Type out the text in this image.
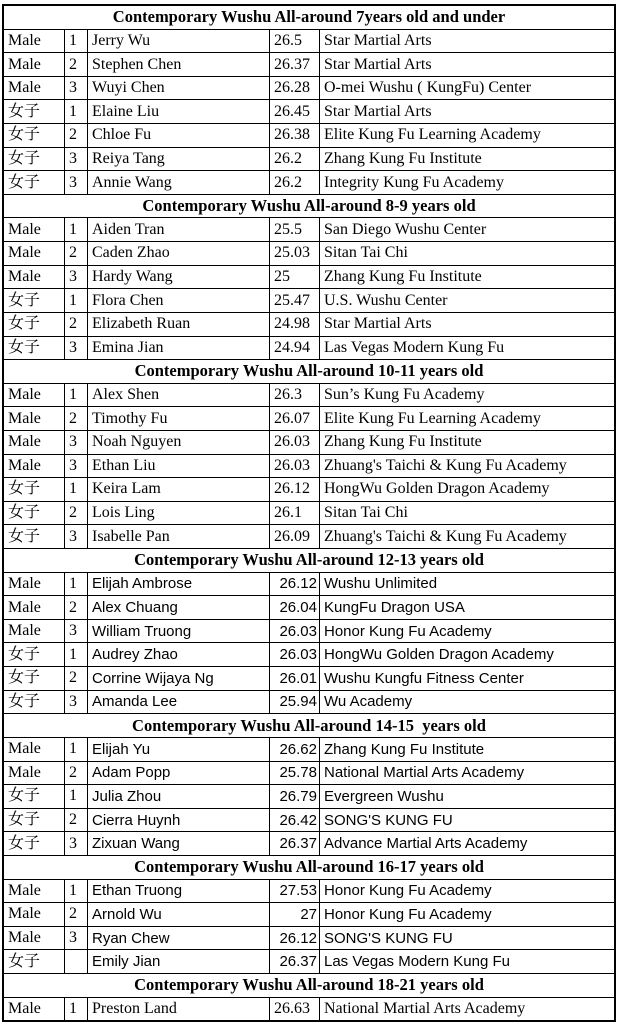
Contemporary Wushu All-around 7years old and under
Male	1 Jerry Wu	26.5	Star Martial Arts
Male	2 Stephen Chen	26.37 Star Martial Arts
Male	3 Wuyi Chen	26.28 O-mei Wushu ( KungFu) Center
女子	1 Elaine Liu	26.45 Star Martial Arts
女子	2 Chloe Fu	26.38 Elite Kung Fu Learning Academy
女子	3 Reiya Tang	26.2	Zhang Kung Fu Institute
女子	3 Annie Wang	26.2	Integrity Kung Fu Academy
Contemporary Wushu All-around 8-9 years old
Male	1 Aiden Tran	25.5	San Diego Wushu Center
Male	2 Caden Zhao	25.03 Sitan Tai Chi
Male	3 Hardy Wang	25	Zhang Kung Fu Institute
女子	1 Flora Chen	25.47 U.S. Wushu Center
女子	2 Elizabeth Ruan	24.98 Star Martial Arts
女子	3 Emina Jian	24.94 Las Vegas Modern Kung Fu
Contemporary Wushu All-around 10-11 years old
Male	1 Alex Shen	26.3	Sun’s Kung Fu Academy
Male	2 Timothy Fu	26.07 Elite Kung Fu Learning Academy
Male	3 Noah Nguyen	26.03 Zhang Kung Fu Institute
Male	3 Ethan Liu	26.03 Zhuang's Taichi & Kung Fu Academy
女子	1 Keira Lam	26.12 HongWu Golden Dragon Academy
女子	2 Lois Ling	26.1	Sitan Tai Chi
女子	3 Isabelle Pan	26.09 Zhuang's Taichi & Kung Fu Academy
Contemporary Wushu All-around 12-13 years old
Male	1	Elijah Ambrose	26.12 Wushu Unlimited
Male	2	Alex Chuang	26.04 KungFu Dragon USA
Male	3	William Truong	26.03 Honor Kung Fu Academy
女子	1	Audrey Zhao	26.03 HongWu Golden Dragon Academy
女子	2	Corrine Wijaya Ng	26.01 Wushu Kungfu Fitness Center
女子	3	Amanda Lee	25.94 Wu Academy
Contemporary Wushu All-around 14-15  years old
Male	1	Elijah Yu	26.62 Zhang Kung Fu Institute
Male	2	Adam Popp	25.78 National Martial Arts Academy
女子	1	Julia Zhou	26.79 Evergreen Wushu
女子	2	Cierra Huynh	26.42 SONG'S KUNG FU
女子	3	Zixuan Wang	26.37 Advance Martial Arts Academy
Contemporary Wushu All-around 16-17 years old
Male	1	Ethan Truong	27.53 Honor Kung Fu Academy
Male	2	Arnold Wu	27 Honor Kung Fu Academy
Male	3	Ryan Chew	26.12 SONG'S KUNG FU
女子	Emily Jian	26.37 Las Vegas Modern Kung Fu
Contemporary Wushu All-around 18-21 years old
Male	1 Preston Land	26.63 National Martial Arts Academy
